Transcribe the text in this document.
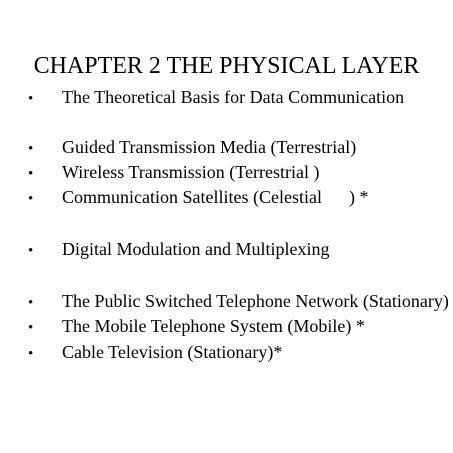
CHAPTER 2 THE PHYSICAL LAYER
• The Theoretical Basis for Data Communication
• Guided Transmission Media (Terrestrial)
• Wireless Transmission (Terrestrial )
• Communication Satellites (Celestial      ) *
• Digital Modulation and Multiplexing
• The Public Switched Telephone Network (Stationary)
• The Mobile Telephone System (Mobile) *
• Cable Television (Stationary)*
